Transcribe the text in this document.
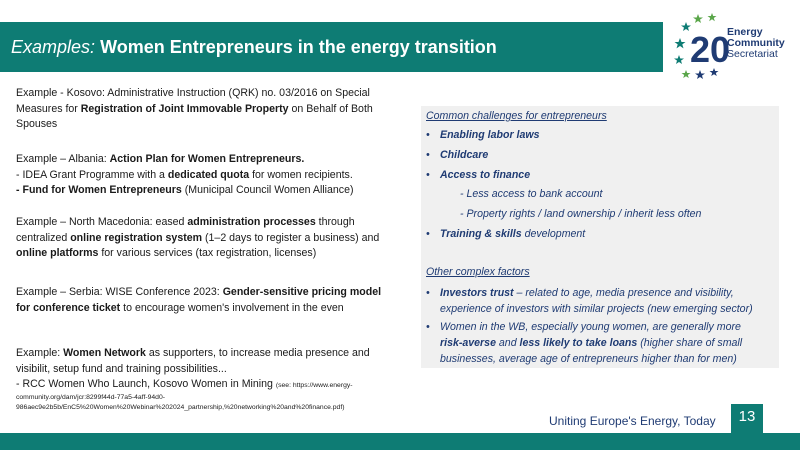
Examples: Women Entrepreneurs in the energy transition	20
Energy
Community
Secretariat
Example - Kosovo: Administrative Instruction (QRK) no. 03/2016 on Special
Measures for Registration of Joint Immovable Property on Behalf of Both
Spouses
Example – Albania: Action Plan for Women Entrepreneurs.
- IDEA Grant Programme with a dedicated quota for women recipients.
- Fund for Women Entrepreneurs (Municipal Council Women Alliance)
Example – North Macedonia: eased administration processes through
centralized online registration system (1–2 days to register a business) and
online platforms for various services (tax registration, licenses)
Example – Serbia: WISE Conference 2023: Gender-sensitive pricing model
for conference ticket to encourage women's involvement in the even
Example: Women Network as supporters, to increase media presence and
visibilit, setup fund and training possibilities...
- RCC Women Who Launch, Kosovo Women in Mining (see: https://www.energy-
community.org/dam/jcr:8299f44d-77a5-4aff-94d0-
986aec9e2b5b/EnC5%20Women%20Webinar%202024_partnership,%20networking%20and%20finance.pdf)
Common challenges for entrepreneurs
• Enabling labor laws
• Childcare
• Access to finance
- Less access to bank account
- Property rights / land ownership / inherit less often
• Training & skills development
Other complex factors
• Investors trust – related to age, media presence and visibility,
experience of investors with similar projects (new emerging sector)
• Women in the WB, especially young women, are generally more
risk-averse and less likely to take loans (higher share of small
businesses, average age of entrepreneurs higher than for men)
Uniting Europe's Energy, Today	13
